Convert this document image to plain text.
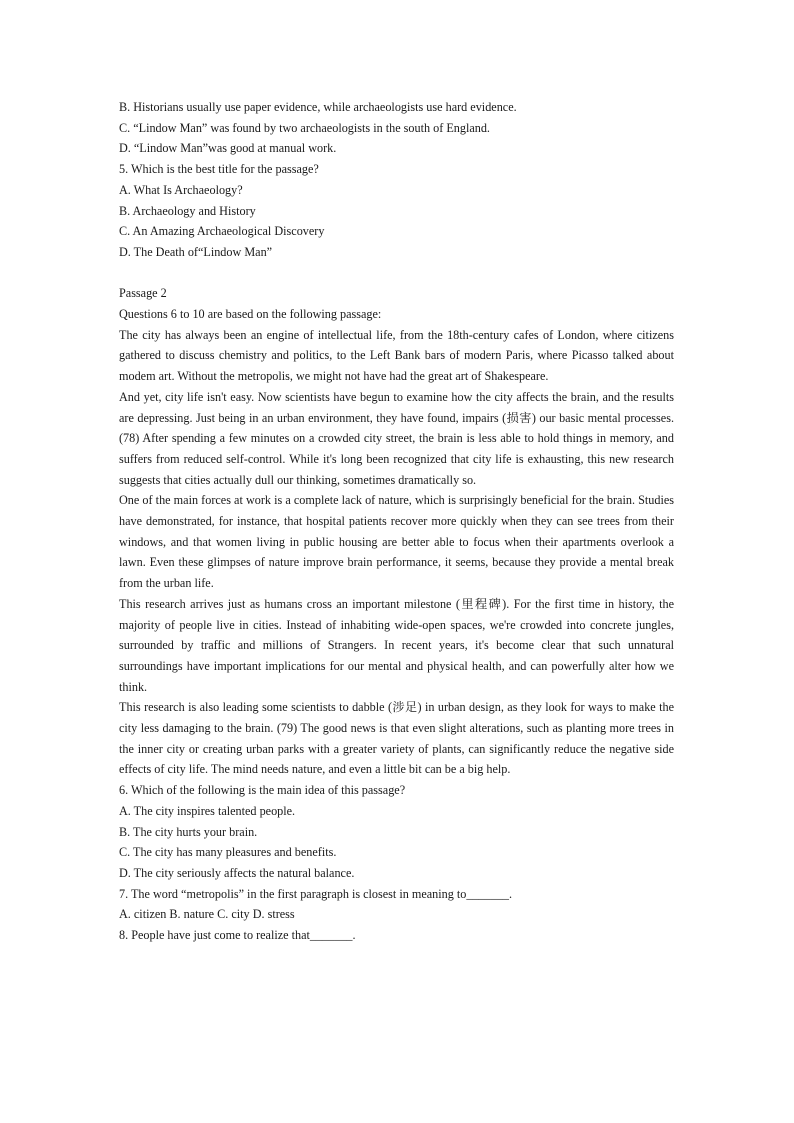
B. Historians usually use paper evidence, while archaeologists use hard evidence.
C. “Lindow Man” was found by two archaeologists in the south of England.
D. “Lindow Man”was good at manual work.
5. Which is the best title for the passage?
A. What Is Archaeology?
B. Archaeology and History
C. An Amazing Archaeological Discovery
D. The Death of“Lindow Man”
Passage 2
Questions 6 to 10 are based on the following passage:
The city has always been an engine of intellectual life, from the 18th-century cafes of London, where citizens gathered to discuss chemistry and politics, to the Left Bank bars of modern Paris, where Picasso talked about modem art. Without the metropolis, we might not have had the great art of Shakespeare.
And yet, city life isn't easy. Now scientists have begun to examine how the city affects the brain, and the results are depressing. Just being in an urban environment, they have found, impairs (损害) our basic mental processes. (78) After spending a few minutes on a crowded city street, the brain is less able to hold things in memory, and suffers from reduced self-control. While it's long been recognized that city life is exhausting, this new research suggests that cities actually dull our thinking, sometimes dramatically so.
One of the main forces at work is a complete lack of nature, which is surprisingly beneficial for the brain. Studies have demonstrated, for instance, that hospital patients recover more quickly when they can see trees from their windows, and that women living in public housing are better able to focus when their apartments overlook a lawn. Even these glimpses of nature improve brain performance, it seems, because they provide a mental break from the urban life.
This research arrives just as humans cross an important milestone (里程碑). For the first time in history, the majority of people live in cities. Instead of inhabiting wide-open spaces, we're crowded into concrete jungles, surrounded by traffic and millions of Strangers. In recent years, it's become clear that such unnatural surroundings have important implications for our mental and physical health, and can powerfully alter how we think.
This research is also leading some scientists to dabble (涉足) in urban design, as they look for ways to make the city less damaging to the brain. (79) The good news is that even slight alterations, such as planting more trees in the inner city or creating urban parks with a greater variety of plants, can significantly reduce the negative side effects of city life. The mind needs nature, and even a little bit can be a big help.
6. Which of the following is the main idea of this passage?
A. The city inspires talented people.
B. The city hurts your brain.
C. The city has many pleasures and benefits.
D. The city seriously affects the natural balance.
7. The word “metropolis” in the first paragraph is closest in meaning to_______.
A. citizen B. nature C. city D. stress
8. People have just come to realize that_______.
